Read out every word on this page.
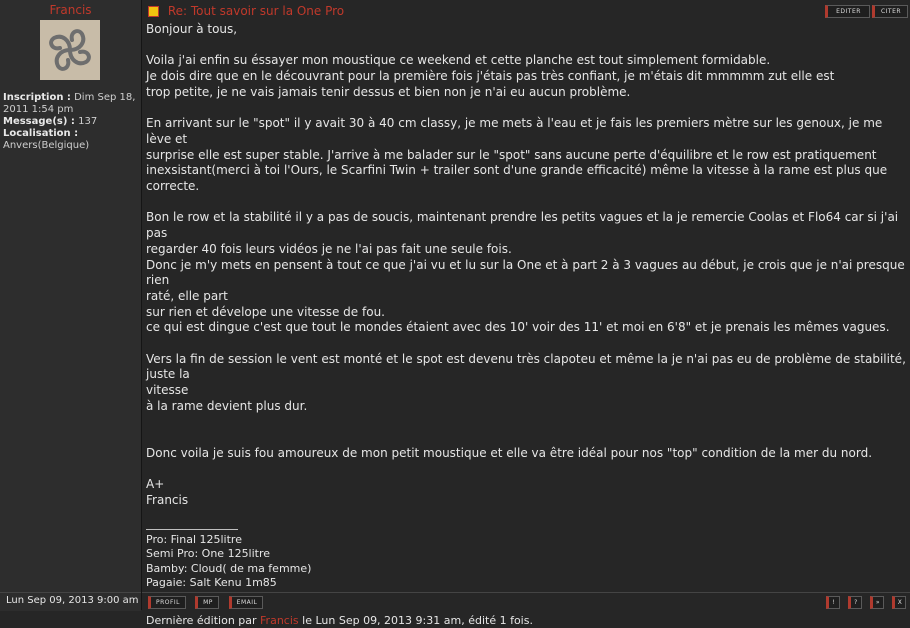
Francis
Inscription : Dim Sep 18, 2011 1:54 pm
Message(s) : 137
Localisation :
Anvers(Belgique)
Re: Tout savoir sur la One Pro	EDITER	CITER

Bonjour à tous,

Voila j'ai enfin su éssayer mon moustique ce weekend et cette planche est tout simplement formidable.

Je dois dire que en le découvrant pour la première fois j'étais pas très confiant, je m'étais dit mmmmm zut elle est

trop petite, je ne vais jamais tenir dessus et bien non je n'ai eu aucun problème.

En arrivant sur le "spot" il y avait 30 à 40 cm classy, je me mets à l'eau et je fais les premiers mètre sur les genoux, je me lève et

surprise elle est super stable. J'arrive à me balader sur le "spot" sans aucune perte d'équilibre et le row est pratiquement

inexsistant(merci à toi l'Ours, le Scarfini Twin + trailer sont d'une grande efficacité) même la vitesse à la rame est plus que correcte.

Bon le row et la stabilité il y a pas de soucis, maintenant prendre les petits vagues et la je remercie Coolas et Flo64 car si j'ai pas

regarder 40 fois leurs vidéos je ne l'ai pas fait une seule fois.

Donc je m'y mets en pensent à tout ce que j'ai vu et lu sur la One et à part 2 à 3 vagues au début, je crois que je n'ai presque rien

raté, elle part

sur rien et dévelope une vitesse de fou.

ce qui est dingue c'est que tout le mondes étaient avec des 10' voir des 11' et moi en 6'8" et je prenais les mêmes vagues.

Vers la fin de session le vent est monté et le spot est devenu très clapoteu et même la je n'ai pas eu de problème de stabilité, juste la

vitesse

à la rame devient plus dur.

Donc voila je suis fou amoureux de mon petit moustique et elle va être idéal pour nos "top" condition de la mer du nord.

A+

Francis

Pro: Final 125litre
Semi Pro: One 125litre
Bamby: Cloud( de ma femme)
Pagaie: Salt Kenu 1m85
Dernière édition par Francis le Lun Sep 09, 2013 9:31 am, édité 1 fois.
Lun Sep 09, 2013 9:00 am	PROFIL	MP	EMAIL	!	?	»	X
